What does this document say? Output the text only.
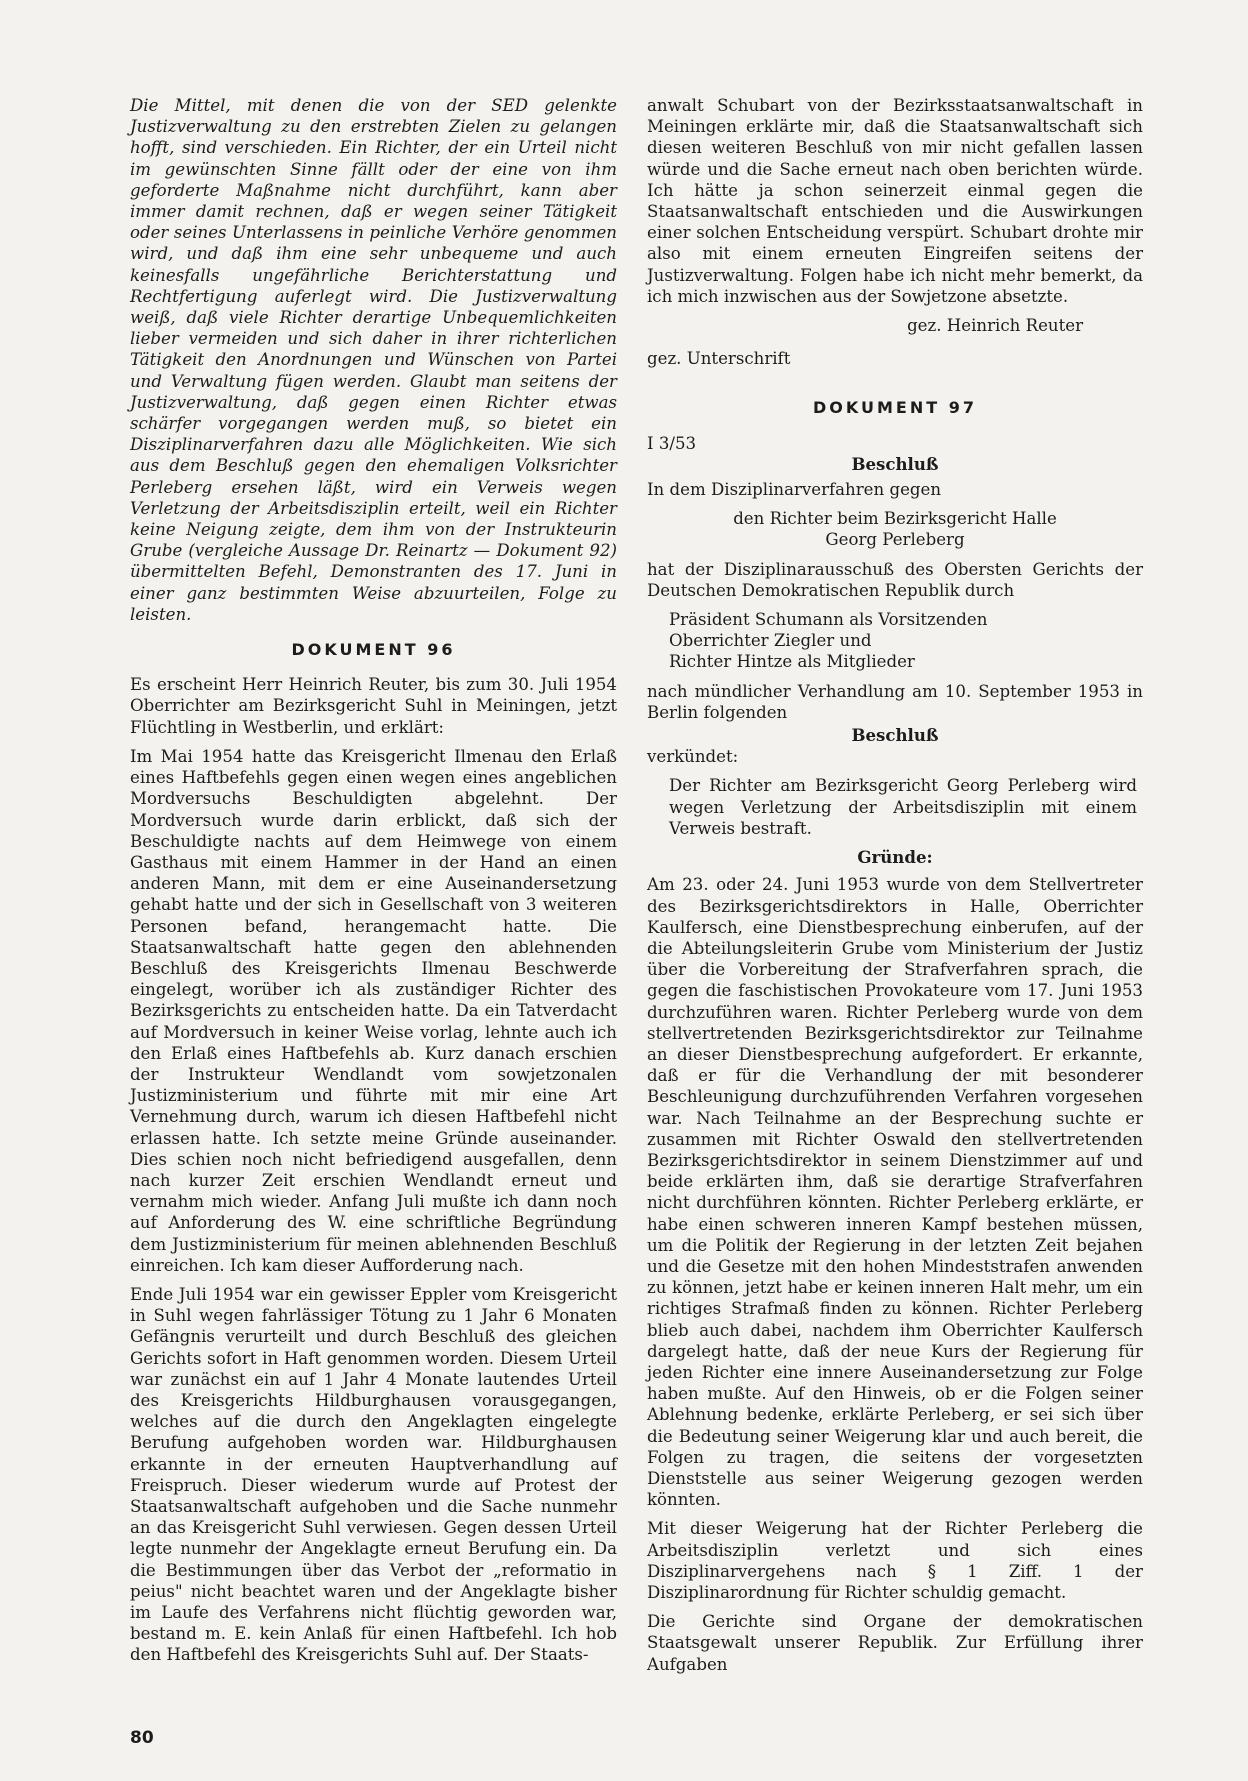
Die Mittel, mit denen die von der SED gelenkte Justizverwaltung zu den erstrebten Zielen zu gelangen hofft, sind verschieden. Ein Richter, der ein Urteil nicht im gewünschten Sinne fällt oder der eine von ihm geforderte Maßnahme nicht durchführt, kann aber immer damit rechnen, daß er wegen seiner Tätigkeit oder seines Unterlassens in peinliche Verhöre genommen wird, und daß ihm eine sehr unbequeme und auch keinesfalls ungefährliche Berichterstattung und Rechtfertigung auferlegt wird. Die Justizverwaltung weiß, daß viele Richter derartige Unbequemlichkeiten lieber vermeiden und sich daher in ihrer richterlichen Tätigkeit den Anordnungen und Wünschen von Partei und Verwaltung fügen werden. Glaubt man seitens der Justizverwaltung, daß gegen einen Richter etwas schärfer vorgegangen werden muß, so bietet ein Disziplinarverfahren dazu alle Möglichkeiten. Wie sich aus dem Beschluß gegen den ehemaligen Volksrichter Perleberg ersehen läßt, wird ein Verweis wegen Verletzung der Arbeitsdisziplin erteilt, weil ein Richter keine Neigung zeigte, dem ihm von der Instrukteurin Grube (vergleiche Aussage Dr. Reinartz — Dokument 92) übermittelten Befehl, Demonstranten des 17. Juni in einer ganz bestimmten Weise abzuurteilen, Folge zu leisten.

DOKUMENT 96

Es erscheint Herr Heinrich Reuter, bis zum 30. Juli 1954 Oberrichter am Bezirksgericht Suhl in Meiningen, jetzt Flüchtling in Westberlin, und erklärt:

Im Mai 1954 hatte das Kreisgericht Ilmenau den Erlaß eines Haftbefehls gegen einen wegen eines angeblichen Mordversuchs Beschuldigten abgelehnt. Der Mordversuch wurde darin erblickt, daß sich der Beschuldigte nachts auf dem Heimwege von einem Gasthaus mit einem Hammer in der Hand an einen anderen Mann, mit dem er eine Auseinandersetzung gehabt hatte und der sich in Gesellschaft von 3 weiteren Personen befand, herangemacht hatte. Die Staatsanwaltschaft hatte gegen den ablehnenden Beschluß des Kreisgerichts Ilmenau Beschwerde eingelegt, worüber ich als zuständiger Richter des Bezirksgerichts zu entscheiden hatte. Da ein Tatverdacht auf Mordversuch in keiner Weise vorlag, lehnte auch ich den Erlaß eines Haftbefehls ab. Kurz danach erschien der Instrukteur Wendlandt vom sowjetzonalen Justizministerium und führte mit mir eine Art Vernehmung durch, warum ich diesen Haftbefehl nicht erlassen hatte. Ich setzte meine Gründe auseinander. Dies schien noch nicht befriedigend ausgefallen, denn nach kurzer Zeit erschien Wendlandt erneut und vernahm mich wieder. Anfang Juli mußte ich dann noch auf Anforderung des W. eine schriftliche Begründung dem Justizministerium für meinen ablehnenden Beschluß einreichen. Ich kam dieser Aufforderung nach.

Ende Juli 1954 war ein gewisser Eppler vom Kreisgericht in Suhl wegen fahrlässiger Tötung zu 1 Jahr 6 Monaten Gefängnis verurteilt und durch Beschluß des gleichen Gerichts sofort in Haft genommen worden. Diesem Urteil war zunächst ein auf 1 Jahr 4 Monate lautendes Urteil des Kreisgerichts Hildburghausen vorausgegangen, welches auf die durch den Angeklagten eingelegte Berufung aufgehoben worden war. Hildburghausen erkannte in der erneuten Hauptverhandlung auf Freispruch. Dieser wiederum wurde auf Protest der Staatsanwaltschaft aufgehoben und die Sache nunmehr an das Kreisgericht Suhl verwiesen. Gegen dessen Urteil legte nunmehr der Angeklagte erneut Berufung ein. Da die Bestimmungen über das Verbot der „reformatio in peius" nicht beachtet waren und der Angeklagte bisher im Laufe des Verfahrens nicht flüchtig geworden war, bestand m. E. kein Anlaß für einen Haftbefehl. Ich hob den Haftbefehl des Kreisgerichts Suhl auf. Der Staats-

anwalt Schubart von der Bezirksstaatsanwaltschaft in Meiningen erklärte mir, daß die Staatsanwaltschaft sich diesen weiteren Beschluß von mir nicht gefallen lassen würde und die Sache erneut nach oben berichten würde. Ich hätte ja schon seinerzeit einmal gegen die Staatsanwaltschaft entschieden und die Auswirkungen einer solchen Entscheidung verspürt. Schubart drohte mir also mit einem erneuten Eingreifen seitens der Justizverwaltung. Folgen habe ich nicht mehr bemerkt, da ich mich inzwischen aus der Sowjetzone absetzte.

gez. Heinrich Reuter

gez. Unterschrift

DOKUMENT 97
I 3/53
Beschluß

In dem Disziplinarverfahren gegen

den Richter beim Bezirksgericht Halle
Georg Perleberg

hat der Disziplinarausschuß des Obersten Gerichts der Deutschen Demokratischen Republik durch

Präsident Schumann als Vorsitzenden
Oberrichter Ziegler und
Richter Hintze als Mitglieder

nach mündlicher Verhandlung am 10. September 1953 in Berlin folgenden

Beschluß

verkündet:

Der Richter am Bezirksgericht Georg Perleberg wird wegen Verletzung der Arbeitsdisziplin mit einem Verweis bestraft.

Gründe:

Am 23. oder 24. Juni 1953 wurde von dem Stellvertreter des Bezirksgerichtsdirektors in Halle, Oberrichter Kaulfersch, eine Dienstbesprechung einberufen, auf der die Abteilungsleiterin Grube vom Ministerium der Justiz über die Vorbereitung der Strafverfahren sprach, die gegen die faschistischen Provokateure vom 17. Juni 1953 durchzuführen waren. Richter Perleberg wurde von dem stellvertretenden Bezirksgerichtsdirektor zur Teilnahme an dieser Dienstbesprechung aufgefordert. Er erkannte, daß er für die Verhandlung der mit besonderer Beschleunigung durchzuführenden Verfahren vorgesehen war. Nach Teilnahme an der Besprechung suchte er zusammen mit Richter Oswald den stellvertretenden Bezirksgerichtsdirektor in seinem Dienstzimmer auf und beide erklärten ihm, daß sie derartige Strafverfahren nicht durchführen könnten. Richter Perleberg erklärte, er habe einen schweren inneren Kampf bestehen müssen, um die Politik der Regierung in der letzten Zeit bejahen und die Gesetze mit den hohen Mindeststrafen anwenden zu können, jetzt habe er keinen inneren Halt mehr, um ein richtiges Strafmaß finden zu können. Richter Perleberg blieb auch dabei, nachdem ihm Oberrichter Kaulfersch dargelegt hatte, daß der neue Kurs der Regierung für jeden Richter eine innere Auseinandersetzung zur Folge haben mußte. Auf den Hinweis, ob er die Folgen seiner Ablehnung bedenke, erklärte Perleberg, er sei sich über die Bedeutung seiner Weigerung klar und auch bereit, die Folgen zu tragen, die seitens der vorgesetzten Dienststelle aus seiner Weigerung gezogen werden könnten.

Mit dieser Weigerung hat der Richter Perleberg die Arbeitsdisziplin verletzt und sich eines Disziplinarvergehens nach § 1 Ziff. 1 der Disziplinarordnung für Richter schuldig gemacht.

Die Gerichte sind Organe der demokratischen Staatsgewalt unserer Republik. Zur Erfüllung ihrer Aufgaben

80
